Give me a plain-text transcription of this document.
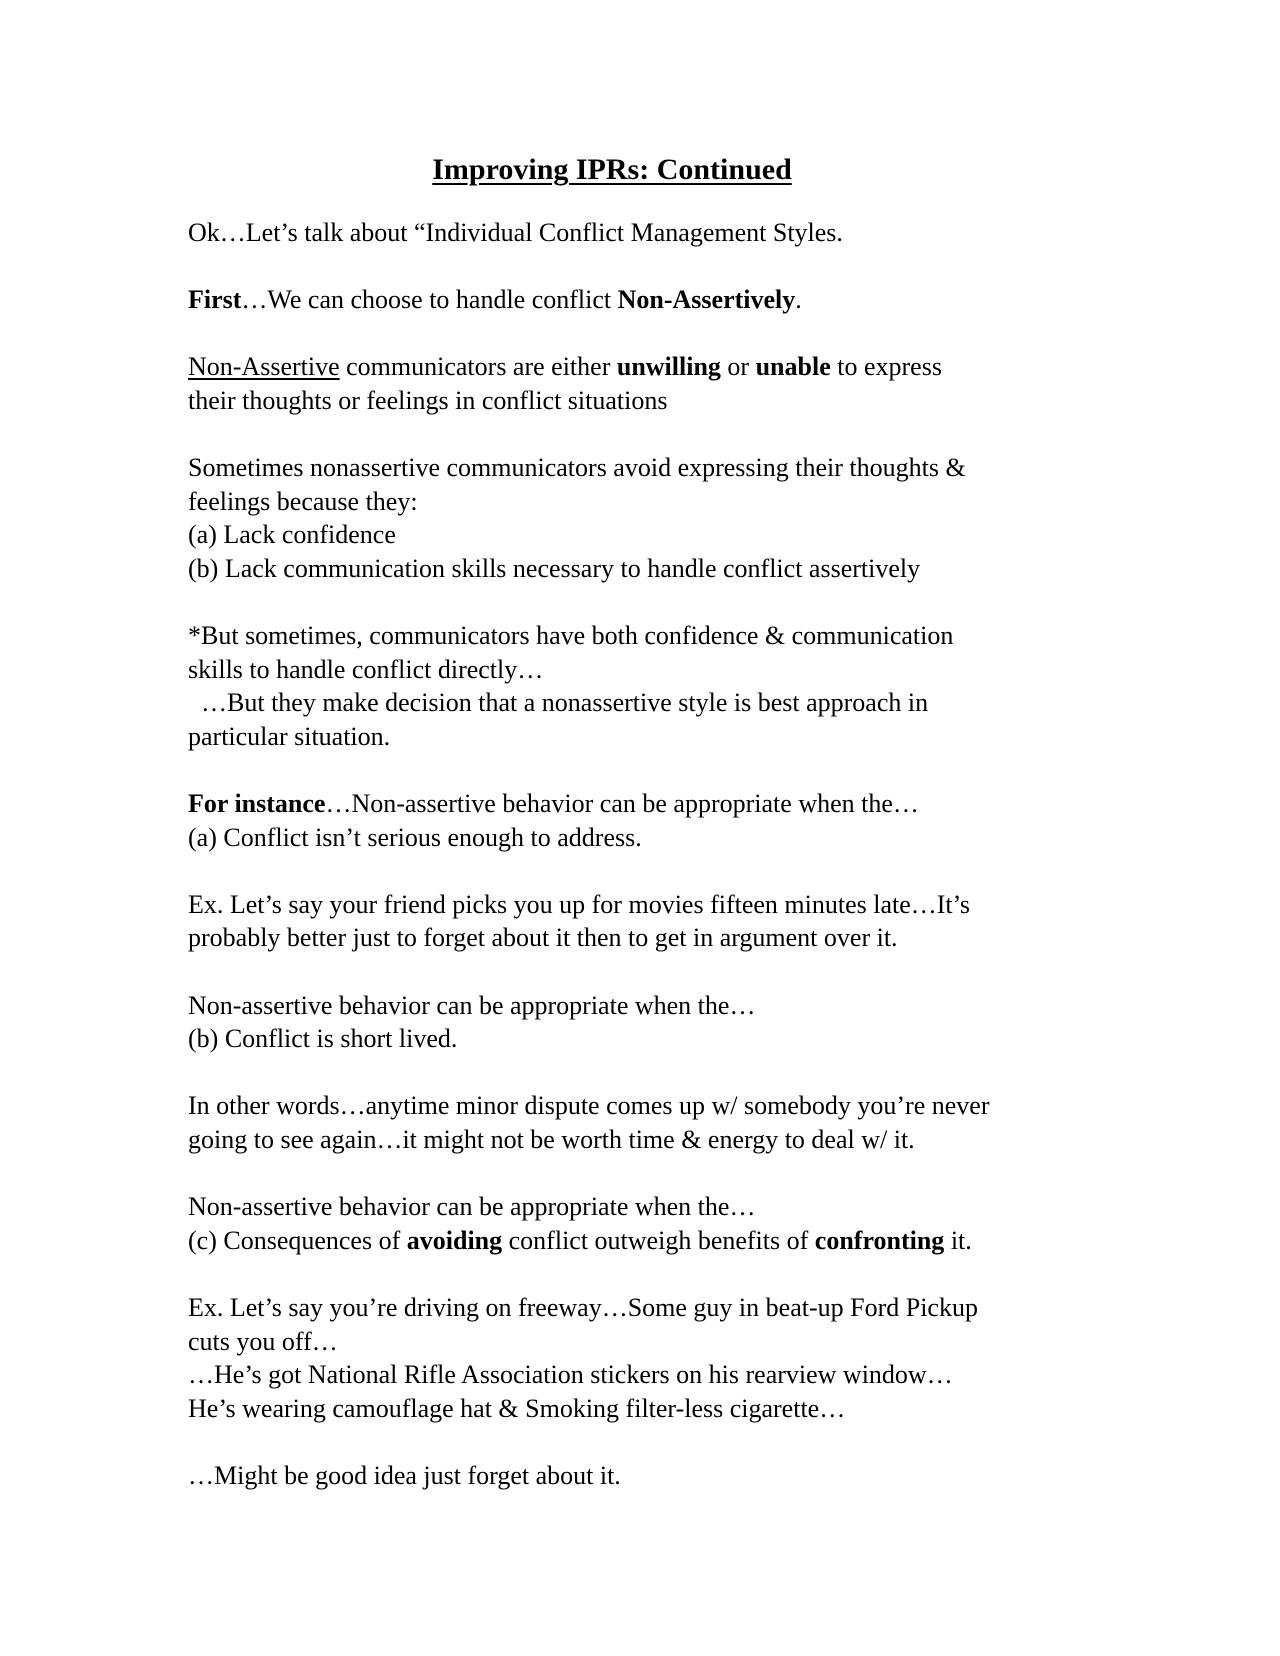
Improving IPRs: Continued

Ok…Let’s talk about “Individual Conflict Management Styles.

First…We can choose to handle conflict Non-Assertively.

Non-Assertive communicators are either unwilling or unable to express
their thoughts or feelings in conflict situations

Sometimes nonassertive communicators avoid expressing their thoughts &
feelings because they:
(a) Lack confidence
(b) Lack communication skills necessary to handle conflict assertively

*But sometimes, communicators have both confidence & communication
skills to handle conflict directly…
…But they make decision that a nonassertive style is best approach in
particular situation.

For instance…Non-assertive behavior can be appropriate when the…
(a) Conflict isn’t serious enough to address.

Ex. Let’s say your friend picks you up for movies fifteen minutes late…It’s
probably better just to forget about it then to get in argument over it.

Non-assertive behavior can be appropriate when the…
(b) Conflict is short lived.

In other words…anytime minor dispute comes up w/ somebody you’re never
going to see again…it might not be worth time & energy to deal w/ it.

Non-assertive behavior can be appropriate when the…
(c) Consequences of avoiding conflict outweigh benefits of confronting it.

Ex. Let’s say you’re driving on freeway…Some guy in beat-up Ford Pickup
cuts you off…
…He’s got National Rifle Association stickers on his rearview window…
He’s wearing camouflage hat & Smoking filter-less cigarette…

…Might be good idea just forget about it.
